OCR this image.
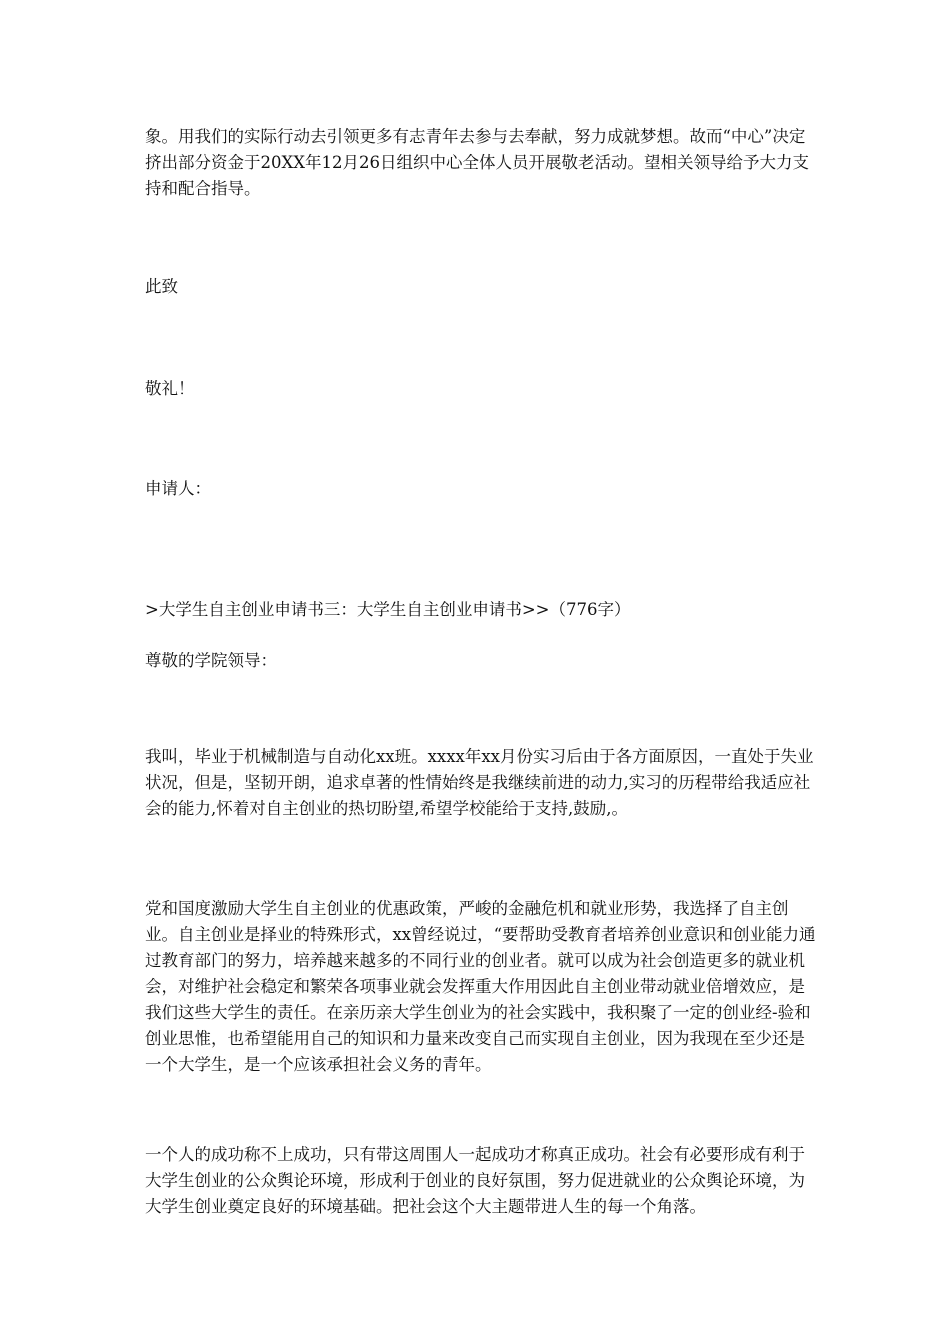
象。用我们的实际行动去引领更多有志青年去参与去奉献，努力成就梦想。故而“中心”决定挤出部分资金于20XX年12月26日组织中心全体人员开展敬老活动。望相关领导给予大力支持和配合指导。

此致

敬礼！

申请人：

>大学生自主创业申请书三：大学生自主创业申请书>>（776字）

尊敬的学院领导：

我叫，毕业于机械制造与自动化xx班。xxxx年xx月份实习后由于各方面原因，一直处于失业状况，但是，坚韧开朗，追求卓著的性情始终是我继续前进的动力,实习的历程带给我适应社会的能力,怀着对自主创业的热切盼望,希望学校能给于支持,鼓励,。

党和国度激励大学生自主创业的优惠政策，严峻的金融危机和就业形势，我选择了自主创业。自主创业是择业的特殊形式，xx曾经说过，“要帮助受教育者培养创业意识和创业能力通过教育部门的努力，培养越来越多的不同行业的创业者。就可以成为社会创造更多的就业机会，对维护社会稳定和繁荣各项事业就会发挥重大作用因此自主创业带动就业倍增效应，是我们这些大学生的责任。在亲历亲大学生创业为的社会实践中，我积聚了一定的创业经-验和创业思惟，也希望能用自己的知识和力量来改变自己而实现自主创业，因为我现在至少还是一个大学生，是一个应该承担社会义务的青年。

一个人的成功称不上成功，只有带这周围人一起成功才称真正成功。社会有必要形成有利于大学生创业的公众舆论环境，形成利于创业的良好氛围，努力促进就业的公众舆论环境，为大学生创业奠定良好的环境基础。把社会这个大主题带进人生的每一个角落。
